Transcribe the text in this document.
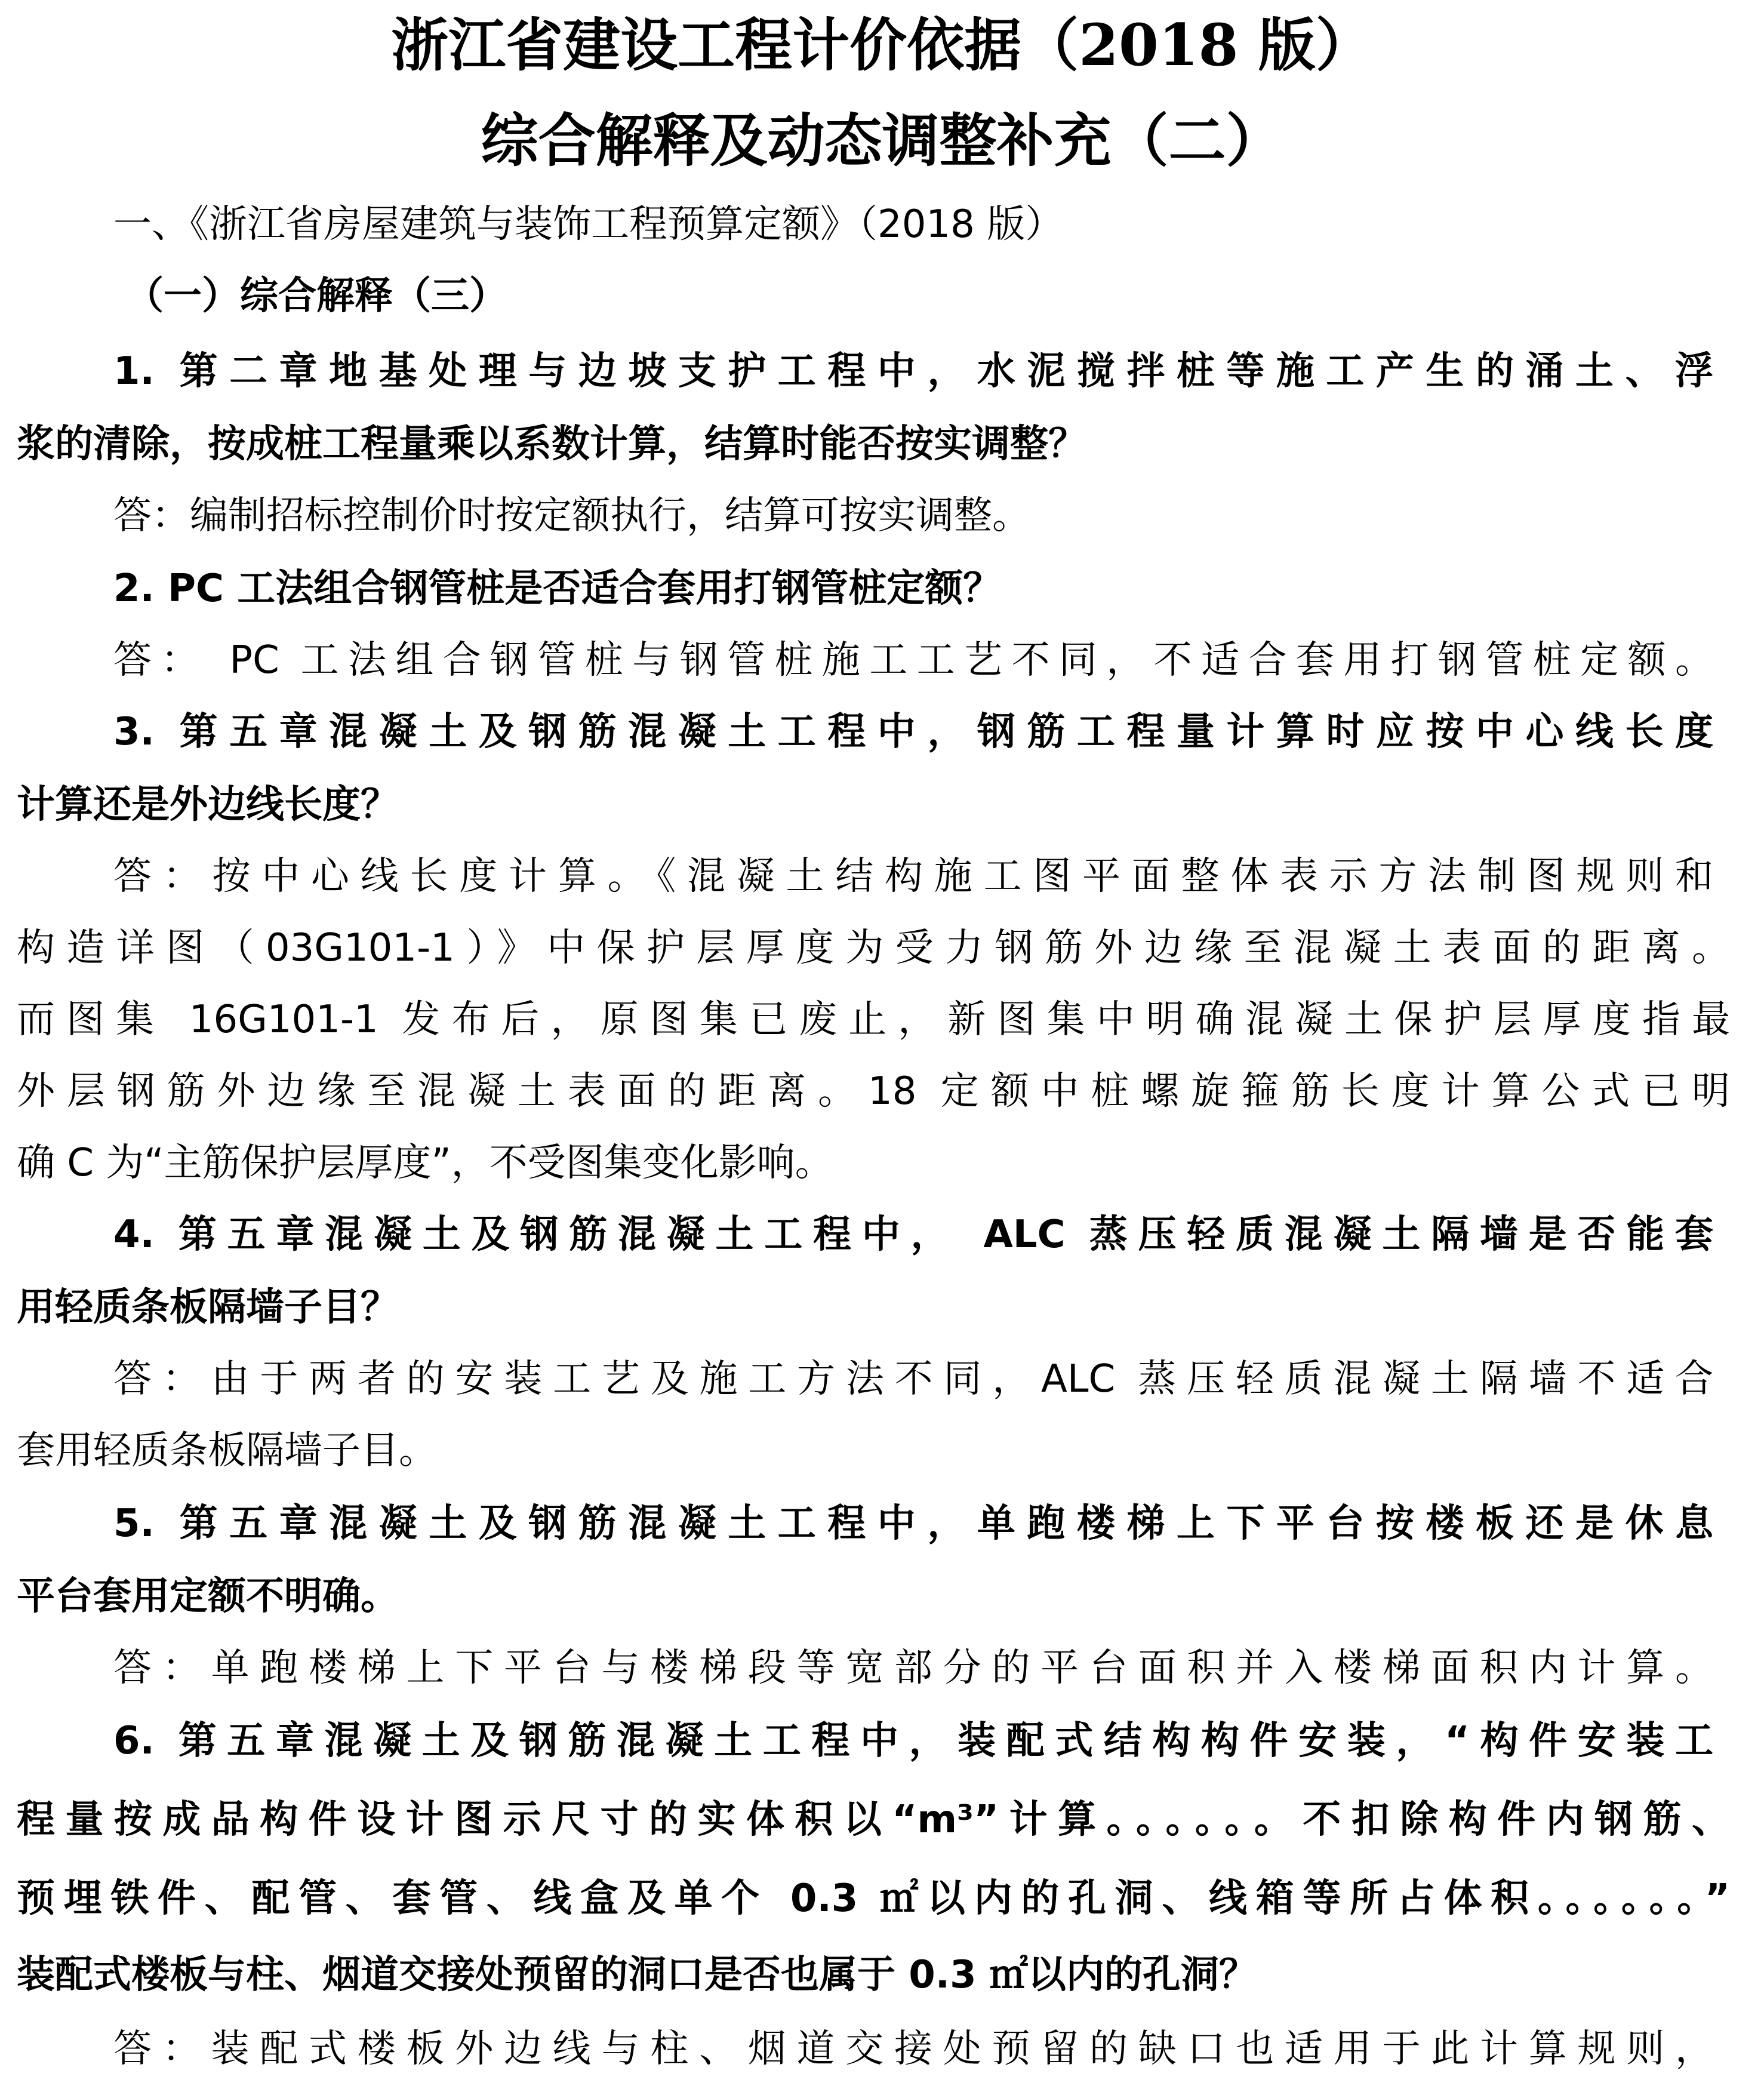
浙江省建设工程计价依据（2018 版）
综合解释及动态调整补充（二）
一、《浙江省房屋建筑与装饰工程预算定额》（2018 版）
（一）综合解释（三）
1. 第二章地基处理与边坡支护工程中，水泥搅拌桩等施工产生的涌土、浮
浆的清除，按成桩工程量乘以系数计算，结算时能否按实调整？
答：编制招标控制价时按定额执行，结算可按实调整。
2. PC 工法组合钢管桩是否适合套用打钢管桩定额？
答： PC 工法组合钢管桩与钢管桩施工工艺不同，不适合套用打钢管桩定额。
3. 第五章混凝土及钢筋混凝土工程中，钢筋工程量计算时应按中心线长度
计算还是外边线长度？
答：按中心线长度计算。《混凝土结构施工图平面整体表示方法制图规则和
构造详图（03G101-1）》中保护层厚度为受力钢筋外边缘至混凝土表面的距离。
而图集 16G101-1 发布后，原图集已废止，新图集中明确混凝土保护层厚度指最
外层钢筋外边缘至混凝土表面的距离。18 定额中桩螺旋箍筋长度计算公式已明
确 C 为“主筋保护层厚度”，不受图集变化影响。
4. 第五章混凝土及钢筋混凝土工程中， ALC 蒸压轻质混凝土隔墙是否能套
用轻质条板隔墙子目？
答：由于两者的安装工艺及施工方法不同，ALC 蒸压轻质混凝土隔墙不适合
套用轻质条板隔墙子目。
5. 第五章混凝土及钢筋混凝土工程中，单跑楼梯上下平台按楼板还是休息
平台套用定额不明确。
答：单跑楼梯上下平台与楼梯段等宽部分的平台面积并入楼梯面积内计算。
6. 第五章混凝土及钢筋混凝土工程中，装配式结构构件安装，“构件安装工
程量按成品构件设计图示尺寸的实体积以“m³”计算。。。。。。不扣除构件内钢筋、
预埋铁件、配管、套管、线盒及单个 0.3 ㎡以内的孔洞、线箱等所占体积。。。。。。”
装配式楼板与柱、烟道交接处预留的洞口是否也属于 0.3 ㎡以内的孔洞？
答：装配式楼板外边线与柱、烟道交接处预留的缺口也适用于此计算规则，
